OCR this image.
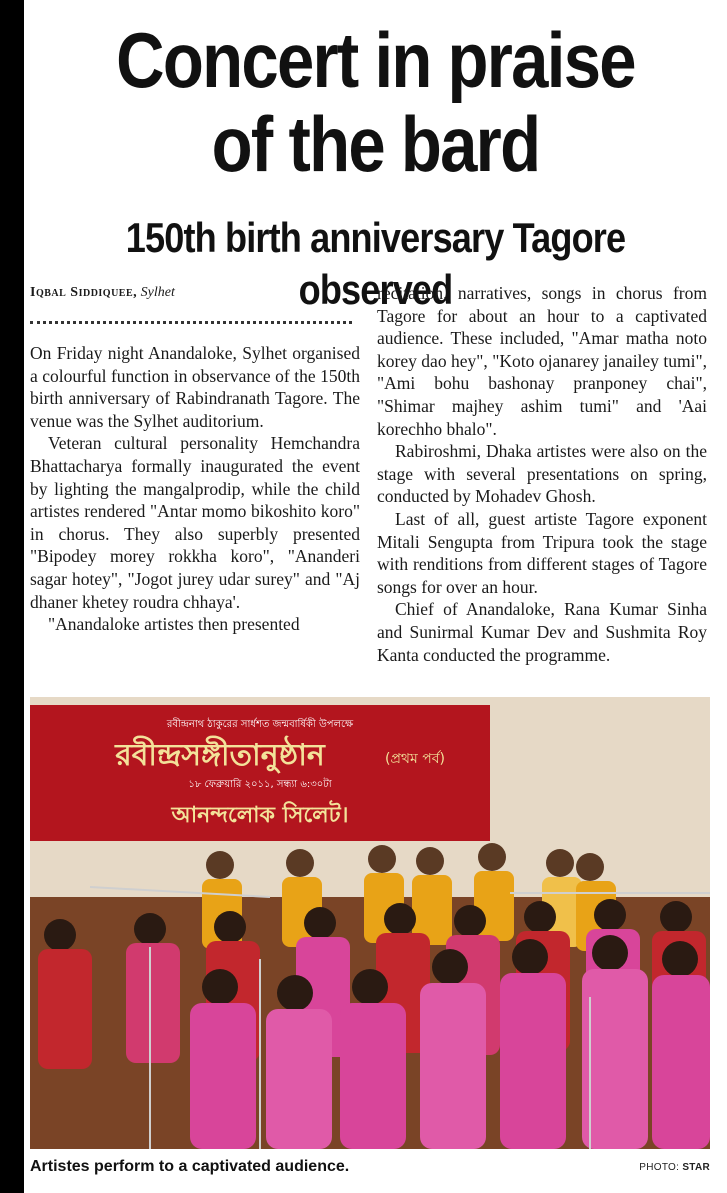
Concert in praise
of the bard
150th birth anniversary Tagore observed
Iqbal Siddiquee, Sylhet

On Friday night Anandaloke, Sylhet organised a colourful function in observance of the 150th birth anniversary of Rabindranath Tagore. The venue was the Sylhet auditorium.

Veteran cultural personality Hemchandra Bhattacharya formally inaugurated the event by lighting the mangalprodip, while the child artistes rendered "Antar momo bikoshito koro" in chorus. They also superbly presented "Bipodey morey rokkha koro", "Ananderi sagar hotey", "Jogot jurey udar surey" and "Aj dhaner khetey roudra chhaya'.

"Anandaloke artistes then presented

recitation, narratives, songs in chorus from Tagore for about an hour to a captivated audience. These included, "Amar matha noto korey dao hey", "Koto ojanarey janailey tumi", "Ami bohu bashonay pranponey chai", "Shimar majhey ashim tumi" and 'Aai korechho bhalo".

Rabiroshmi, Dhaka artistes were also on the stage with several presentations on spring, conducted by Mohadev Ghosh.

Last of all, guest artiste Tagore exponent Mitali Sengupta from Tripura took the stage with renditions from different stages of Tagore songs for over an hour.

Chief of Anandaloke, Rana Kumar Sinha and Sunirmal Kumar Dev and Sushmita Roy Kanta conducted the programme.

রবীন্দ্রনাথ ঠাকুরের সার্ধশত জন্মবার্ষিকী উপলক্ষে
রবীন্দ্রসঙ্গীতানুষ্ঠান	(প্রথম পর্ব)
১৮ ফেব্রুয়ারি ২০১১, সন্ধ্যা ৬:৩০টা
আনন্দলোক সিলেট।
Artistes perform to a captivated audience.	PHOTO: STAR
